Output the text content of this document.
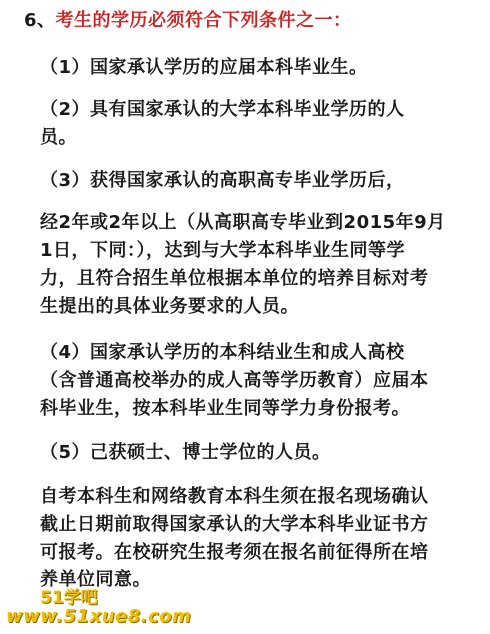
6、考生的学历必须符合下列条件之一：
（1）国家承认学历的应届本科毕业生。
（2）具有国家承认的大学本科毕业学历的人
员。
（3）获得国家承认的高职高专毕业学历后，
经2年或2年以上（从高职高专毕业到2015年9月
1日，下同：），达到与大学本科毕业生同等学
力，且符合招生单位根据本单位的培养目标对考
生提出的具体业务要求的人员。
（4）国家承认学历的本科结业生和成人高校
（含普通高校举办的成人高等学历教育）应届本
科毕业生，按本科毕业生同等学力身份报考。
（5）己获硕士、博士学位的人员。
自考本科生和网络教育本科生须在报名现场确认
截止日期前取得国家承认的大学本科毕业证书方
可报考。在校研究生报考须在报名前征得所在培
养单位同意。
51学吧
www.51xue8.com
